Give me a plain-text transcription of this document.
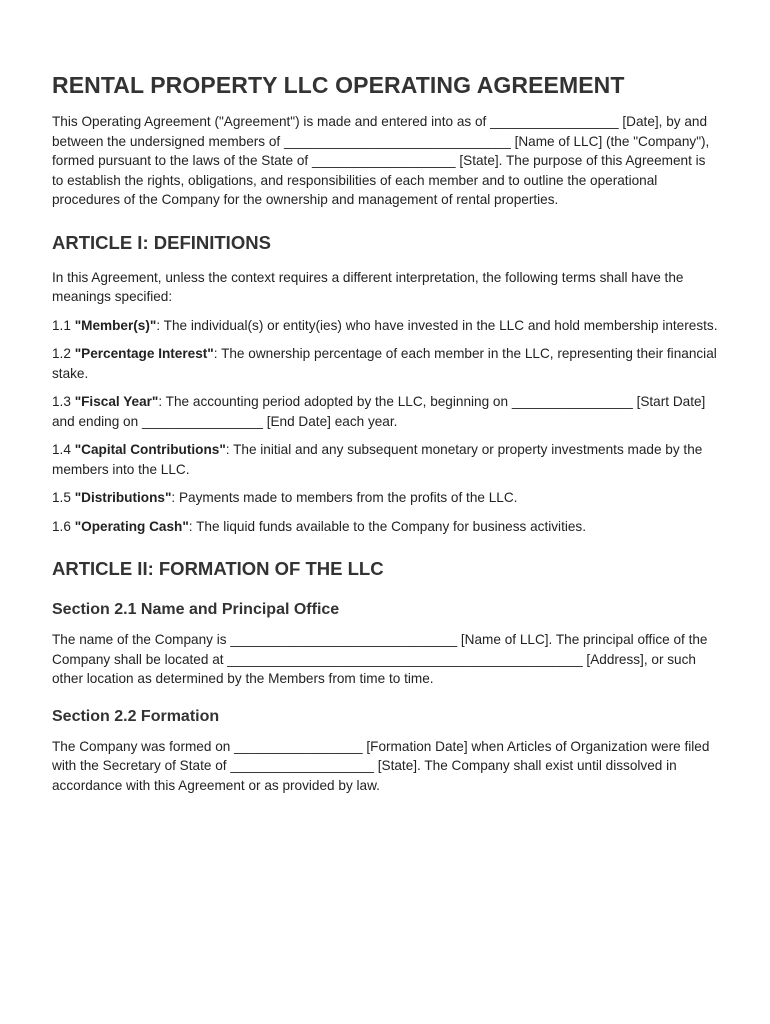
RENTAL PROPERTY LLC OPERATING AGREEMENT

This Operating Agreement ("Agreement") is made and entered into as of _________________ [Date], by and between the undersigned members of ______________________________ [Name of LLC] (the "Company"), formed pursuant to the laws of the State of ___________________ [State]. The purpose of this Agreement is to establish the rights, obligations, and responsibilities of each member and to outline the operational procedures of the Company for the ownership and management of rental properties.

ARTICLE I: DEFINITIONS

In this Agreement, unless the context requires a different interpretation, the following terms shall have the meanings specified:

1.1 "Member(s)": The individual(s) or entity(ies) who have invested in the LLC and hold membership interests.

1.2 "Percentage Interest": The ownership percentage of each member in the LLC, representing their financial stake.

1.3 "Fiscal Year": The accounting period adopted by the LLC, beginning on ________________ [Start Date] and ending on ________________ [End Date] each year.

1.4 "Capital Contributions": The initial and any subsequent monetary or property investments made by the members into the LLC.

1.5 "Distributions": Payments made to members from the profits of the LLC.

1.6 "Operating Cash": The liquid funds available to the Company for business activities.

ARTICLE II: FORMATION OF THE LLC
Section 2.1 Name and Principal Office

The name of the Company is ______________________________ [Name of LLC]. The principal office of the Company shall be located at _______________________________________________ [Address], or such other location as determined by the Members from time to time.

Section 2.2 Formation

The Company was formed on _________________ [Formation Date] when Articles of Organization were filed with the Secretary of State of ___________________ [State]. The Company shall exist until dissolved in accordance with this Agreement or as provided by law.
